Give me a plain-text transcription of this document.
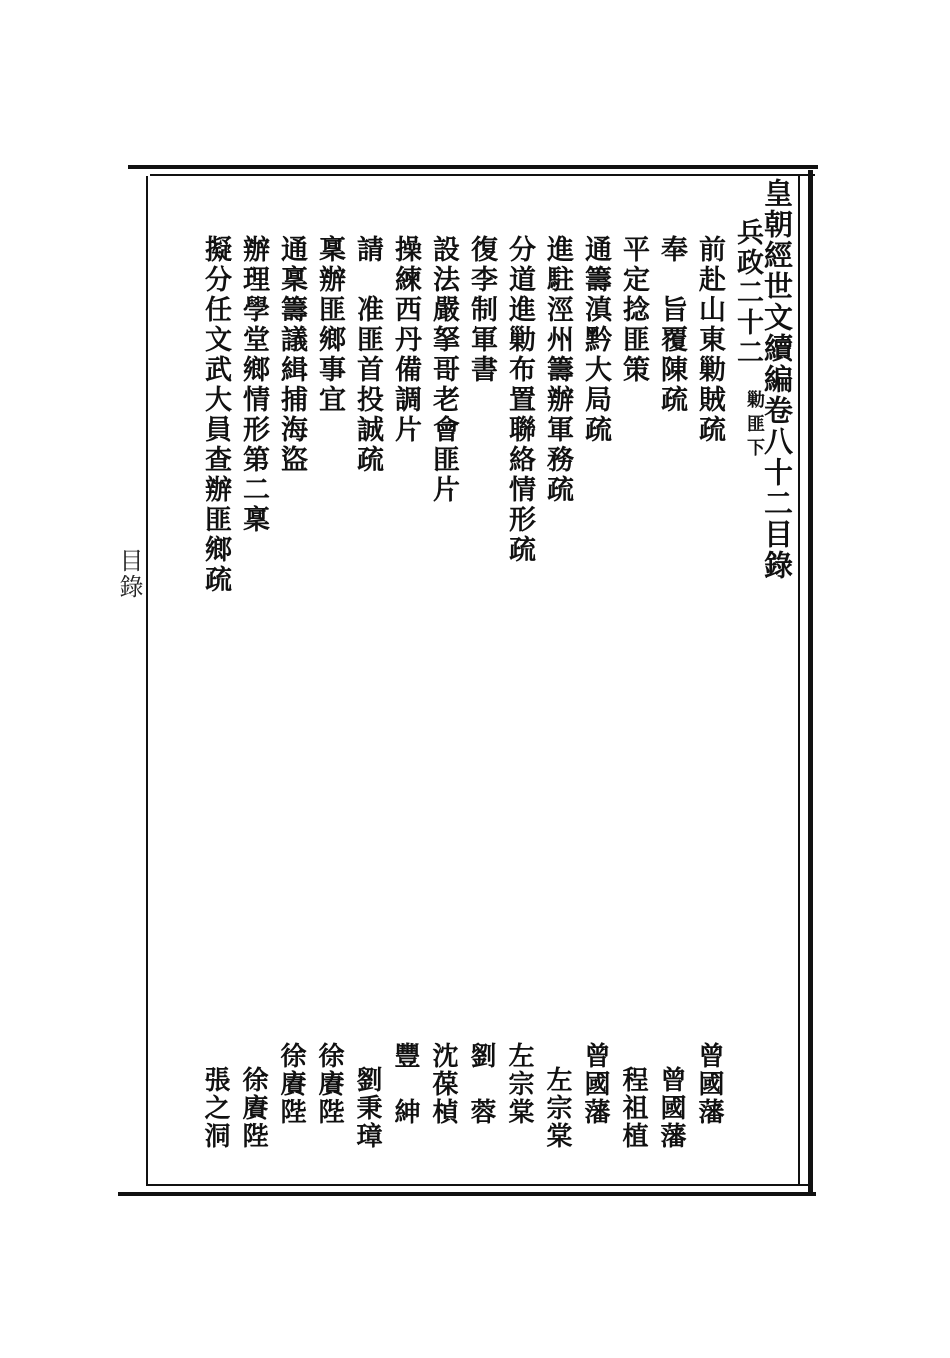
皇朝經世文續編卷八十二目錄
兵政二十二
勦匪下
前赴山東勦賊疏
奉　旨覆陳疏
平定捻匪策
通籌滇黔大局疏
進駐涇州籌辦軍務疏
分道進勦布置聯絡情形疏
復李制軍書
設法嚴拏哥老會匪片
操練西丹備調片
請　准匪首投誠疏
稟辦匪鄉事宜
通稟籌議緝捕海盜
辦理學堂鄉情形第二稟
擬分任文武大員查辦匪鄉疏
曾國藩
曾國藩
程祖植
曾國藩
左宗棠
左宗棠
劉　蓉
沈葆楨
豐　紳
劉秉璋
徐賡陛
徐賡陛
徐賡陛
張之洞
目錄
